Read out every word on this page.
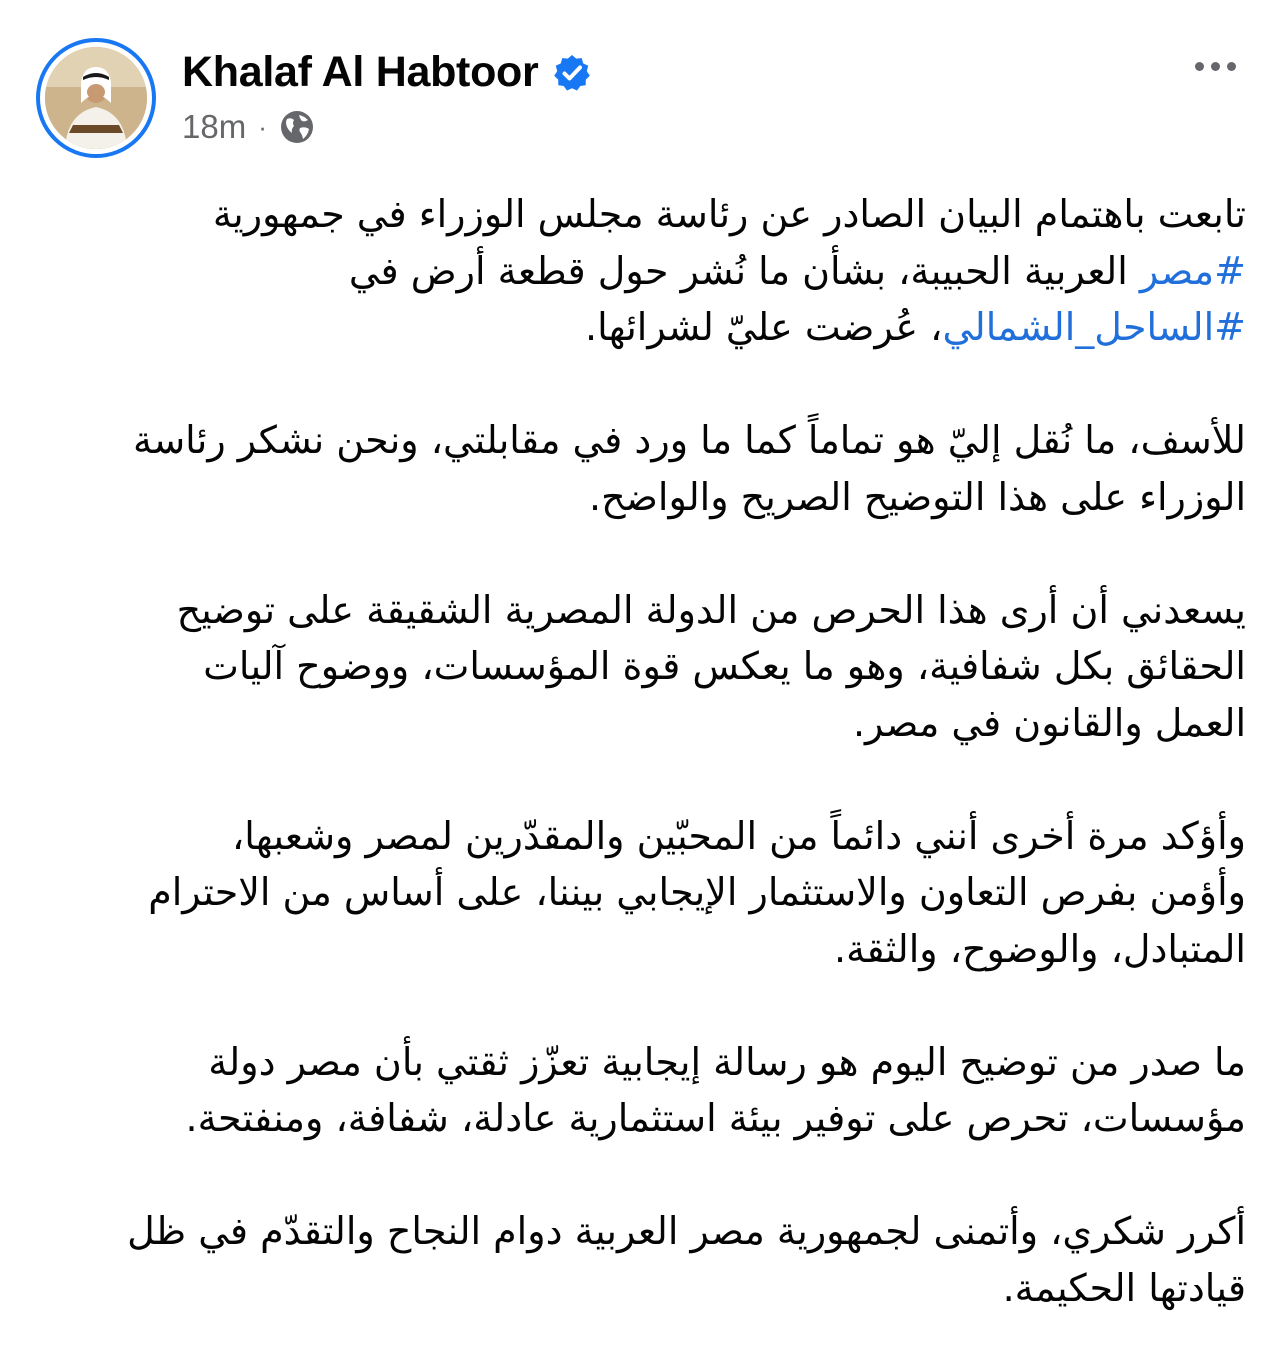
Khalaf Al Habtoor
18m ·

تابعت باهتمام البيان الصادر عن رئاسة مجلس الوزراء في جمهورية
#مصر العربية الحبيبة، بشأن ما نُشر حول قطعة أرض في
#الساحل_الشمالي، عُرضت عليّ لشرائها.

للأسف، ما نُقل إليّ هو تماماً كما ما ورد في مقابلتي، ونحن نشكر رئاسة
الوزراء على هذا التوضيح الصريح والواضح.

يسعدني أن أرى هذا الحرص من الدولة المصرية الشقيقة على توضيح
الحقائق بكل شفافية، وهو ما يعكس قوة المؤسسات، ووضوح آليات
العمل والقانون في مصر.

وأؤكد مرة أخرى أنني دائماً من المحبّين والمقدّرين لمصر وشعبها،
وأؤمن بفرص التعاون والاستثمار الإيجابي بيننا، على أساس من الاحترام
المتبادل، والوضوح، والثقة.

ما صدر من توضيح اليوم هو رسالة إيجابية تعزّز ثقتي بأن مصر دولة
مؤسسات، تحرص على توفير بيئة استثمارية عادلة، شفافة، ومنفتحة.

أكرر شكري، وأتمنى لجمهورية مصر العربية دوام النجاح والتقدّم في ظل
قيادتها الحكيمة.
